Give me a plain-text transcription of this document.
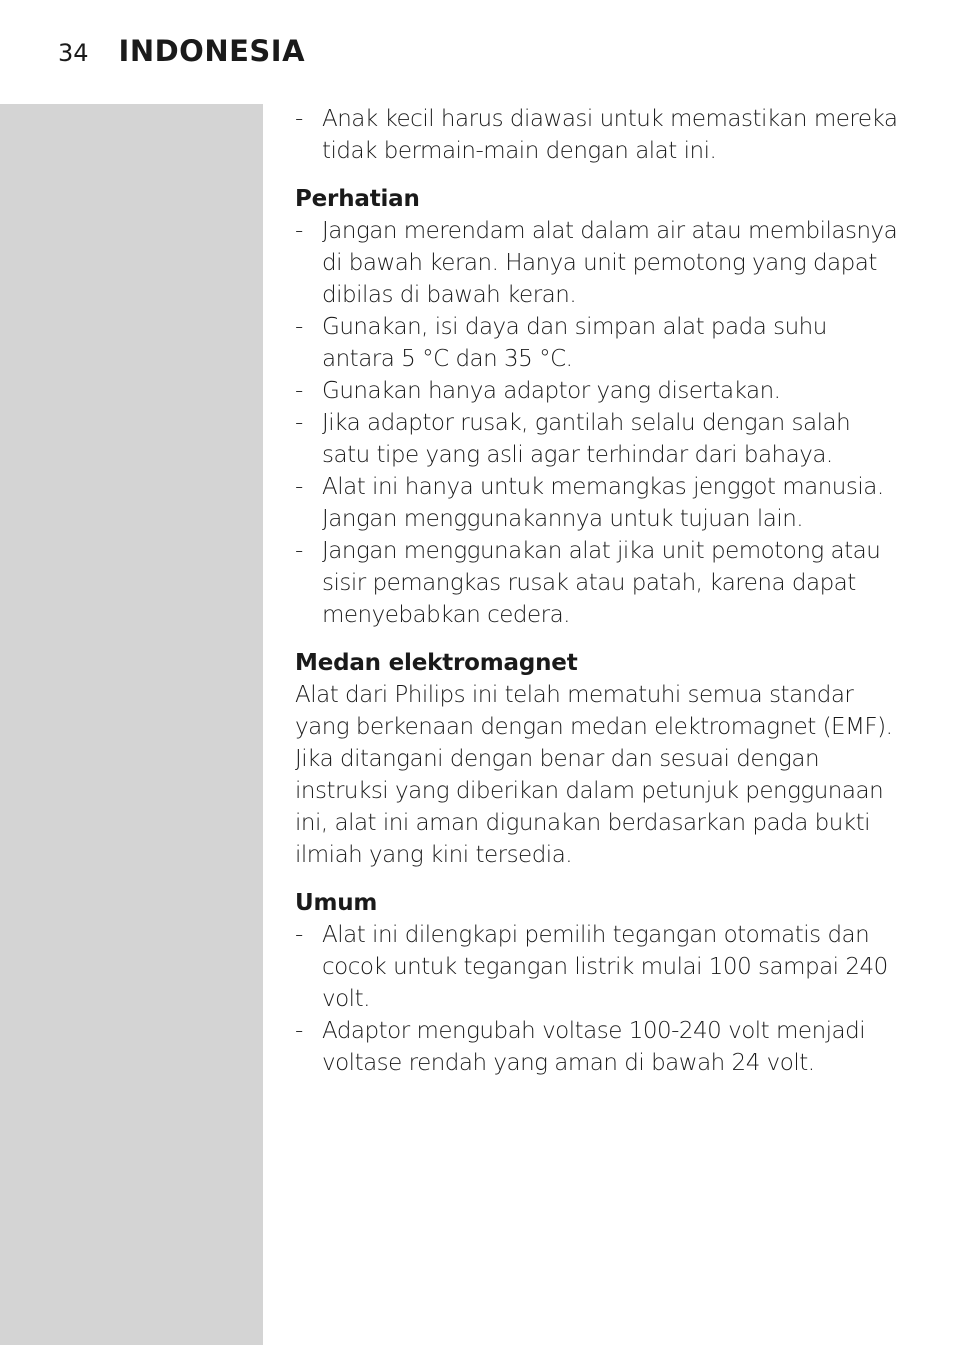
34 INDONESIA
- Anak kecil harus diawasi untuk memastikan mereka tidak bermain-main dengan alat ini.
Perhatian
- Jangan merendam alat dalam air atau membilasnya di bawah keran. Hanya unit pemotong yang dapat dibilas di bawah keran.
- Gunakan, isi daya dan simpan alat pada suhu antara 5 °C dan 35 °C.
- Gunakan hanya adaptor yang disertakan.
- Jika adaptor rusak, gantilah selalu dengan salah satu tipe yang asli agar terhindar dari bahaya.
- Alat ini hanya untuk memangkas jenggot manusia. Jangan menggunakannya untuk tujuan lain.
- Jangan menggunakan alat jika unit pemotong atau sisir pemangkas rusak atau patah, karena dapat menyebabkan cedera.
Medan elektromagnet

Alat dari Philips ini telah mematuhi semua standar yang berkenaan dengan medan elektromagnet (EMF). Jika ditangani dengan benar dan sesuai dengan instruksi yang diberikan dalam petunjuk penggunaan ini, alat ini aman digunakan berdasarkan pada bukti ilmiah yang kini tersedia.

Umum
- Alat ini dilengkapi pemilih tegangan otomatis dan cocok untuk tegangan listrik mulai 100 sampai 240 volt.
- Adaptor mengubah voltase 100-240 volt menjadi voltase rendah yang aman di bawah 24 volt.
